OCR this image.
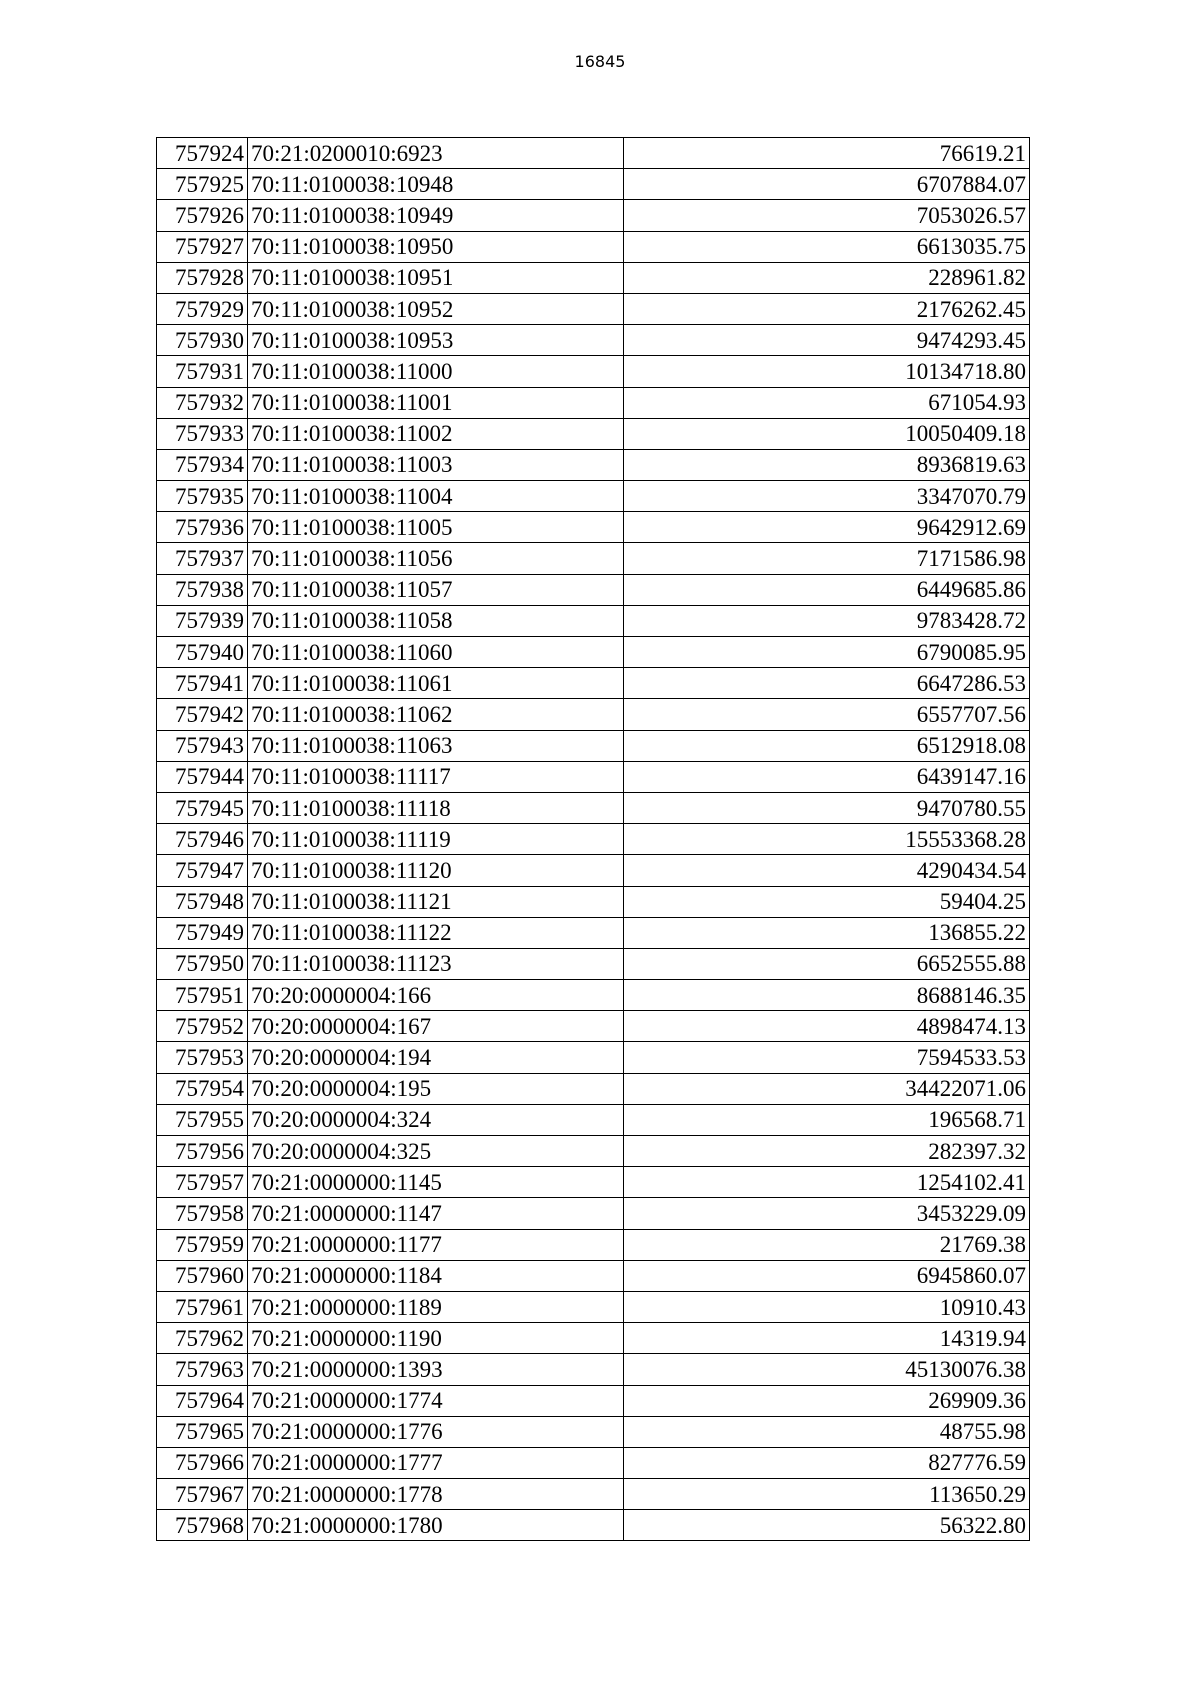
16845
757924	70:21:0200010:6923	76619.21
757925	70:11:0100038:10948	6707884.07
757926	70:11:0100038:10949	7053026.57
757927	70:11:0100038:10950	6613035.75
757928	70:11:0100038:10951	228961.82
757929	70:11:0100038:10952	2176262.45
757930	70:11:0100038:10953	9474293.45
757931	70:11:0100038:11000	10134718.80
757932	70:11:0100038:11001	671054.93
757933	70:11:0100038:11002	10050409.18
757934	70:11:0100038:11003	8936819.63
757935	70:11:0100038:11004	3347070.79
757936	70:11:0100038:11005	9642912.69
757937	70:11:0100038:11056	7171586.98
757938	70:11:0100038:11057	6449685.86
757939	70:11:0100038:11058	9783428.72
757940	70:11:0100038:11060	6790085.95
757941	70:11:0100038:11061	6647286.53
757942	70:11:0100038:11062	6557707.56
757943	70:11:0100038:11063	6512918.08
757944	70:11:0100038:11117	6439147.16
757945	70:11:0100038:11118	9470780.55
757946	70:11:0100038:11119	15553368.28
757947	70:11:0100038:11120	4290434.54
757948	70:11:0100038:11121	59404.25
757949	70:11:0100038:11122	136855.22
757950	70:11:0100038:11123	6652555.88
757951	70:20:0000004:166	8688146.35
757952	70:20:0000004:167	4898474.13
757953	70:20:0000004:194	7594533.53
757954	70:20:0000004:195	34422071.06
757955	70:20:0000004:324	196568.71
757956	70:20:0000004:325	282397.32
757957	70:21:0000000:1145	1254102.41
757958	70:21:0000000:1147	3453229.09
757959	70:21:0000000:1177	21769.38
757960	70:21:0000000:1184	6945860.07
757961	70:21:0000000:1189	10910.43
757962	70:21:0000000:1190	14319.94
757963	70:21:0000000:1393	45130076.38
757964	70:21:0000000:1774	269909.36
757965	70:21:0000000:1776	48755.98
757966	70:21:0000000:1777	827776.59
757967	70:21:0000000:1778	113650.29
757968	70:21:0000000:1780	56322.80
